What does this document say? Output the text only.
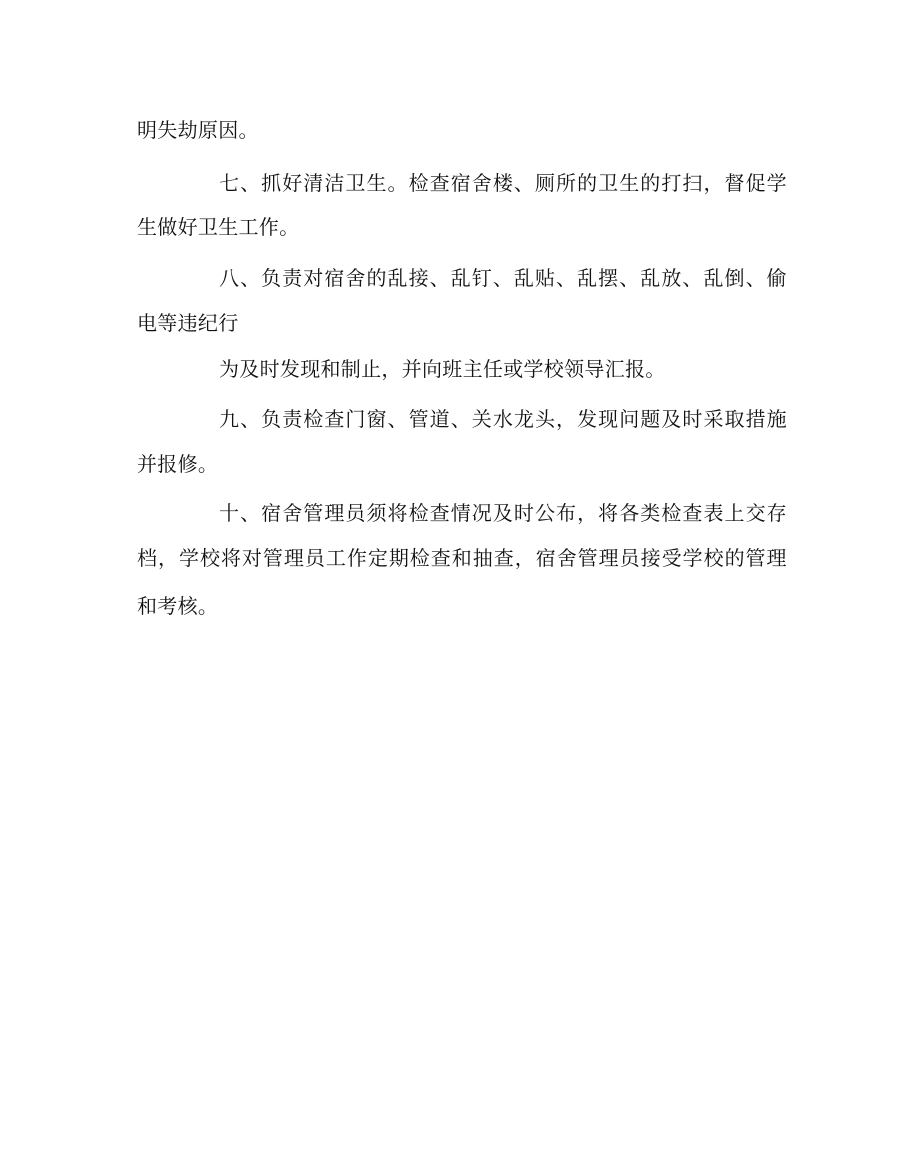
明失劫原因。
七 、 抓 好 清 洁 卫 生 。 检 查 宿 舍 楼 、 厕 所 的 卫 生 的 打 扫 ， 督 促 学
生做好卫生工作。
八 、 负 责 对 宿 舍 的 乱 接 、 乱 钉 、 乱 贴 、 乱 摆 、 乱 放 、 乱 倒 、 偷
电等违纪行
为及时发现和制止，并向班主任或学校领导汇报。
九 、 负 责 检 查 门 窗 、 管 道 、 关 水 龙 头 ， 发 现 问 题 及 时 采 取 措 施
并报修。
十 、 宿 舍 管 理 员 须 将 检 查 情 况 及 时 公 布 ， 将 各 类 检 查 表 上 交 存
档 ， 学 校 将 对 管 理 员 工 作 定 期 检 查 和 抽 查 ， 宿 舍 管 理 员 接 受 学 校 的 管 理
和考核。
